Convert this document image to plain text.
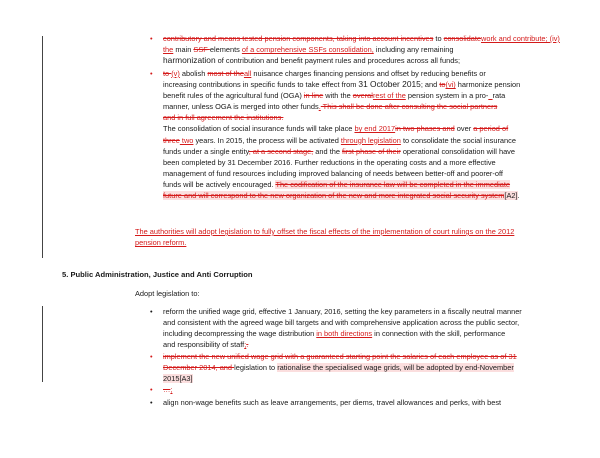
•	contributory and means tested pension components, taking into account incentives to consolidatework and contribute; (iv) the main SSF elements of a comprehensive SSFs consolidation, including any remaining
harmonization of contribution and benefit payment rules and procedures across all funds;
•	to (v) abolish most of theall nuisance charges financing pensions and offset by reducing benefits or
increasing contributions in specific funds to take effect from 31 October 2015; and to(vi) harmonize pension
benefit rules of the agricultural fund (OGA) in line with the overalrest of the pension system in a pro-_rata
manner, unless OGA is merged into other funds. This shall be done after consulting the social partners
and in full agreement the institutions.
The consolidation of social insurance funds will take place by end 2017in two phases and over a period of
three two years. In 2015, the process will be activated through legislation to consolidate the social insurance
funds under a single entity, at a second stage, and the first phase of their operational consolidation will have
been completed by 31 December 2016. Further reductions in the operating costs and a more effective
management of fund resources including improved balancing of needs between better-off and poorer-off
funds will be actively encouraged. The codification of the insurance law will be completed in the immediate
future and will correspond to the new organization of the new and more integrated social security system[A2].
The authorities will adopt legislation to fully offset the fiscal effects of the implementation of court rulings on the 2012
pension reform.
5. Public Administration, Justice and Anti Corruption
Adopt legislation to:
•	reform the unified wage grid, effective 1 January, 2016, setting the key parameters in a fiscally neutral manner
and consistent with the agreed wage bill targets and with comprehensive application across the public sector,
including decompressing the wage distribution in both directions in connection with the skill, performance
and responsibility of staff;.
•	implement the new unified wage grid with a guaranteed starting point the salaries of each employee as of 31
December 2014, and legislation to rationalise the specialised wage grids, will be adopted by end-November
2015[A3]
•	…;
•	align non-wage benefits such as leave arrangements, per diems, travel allowances and perks, with best
